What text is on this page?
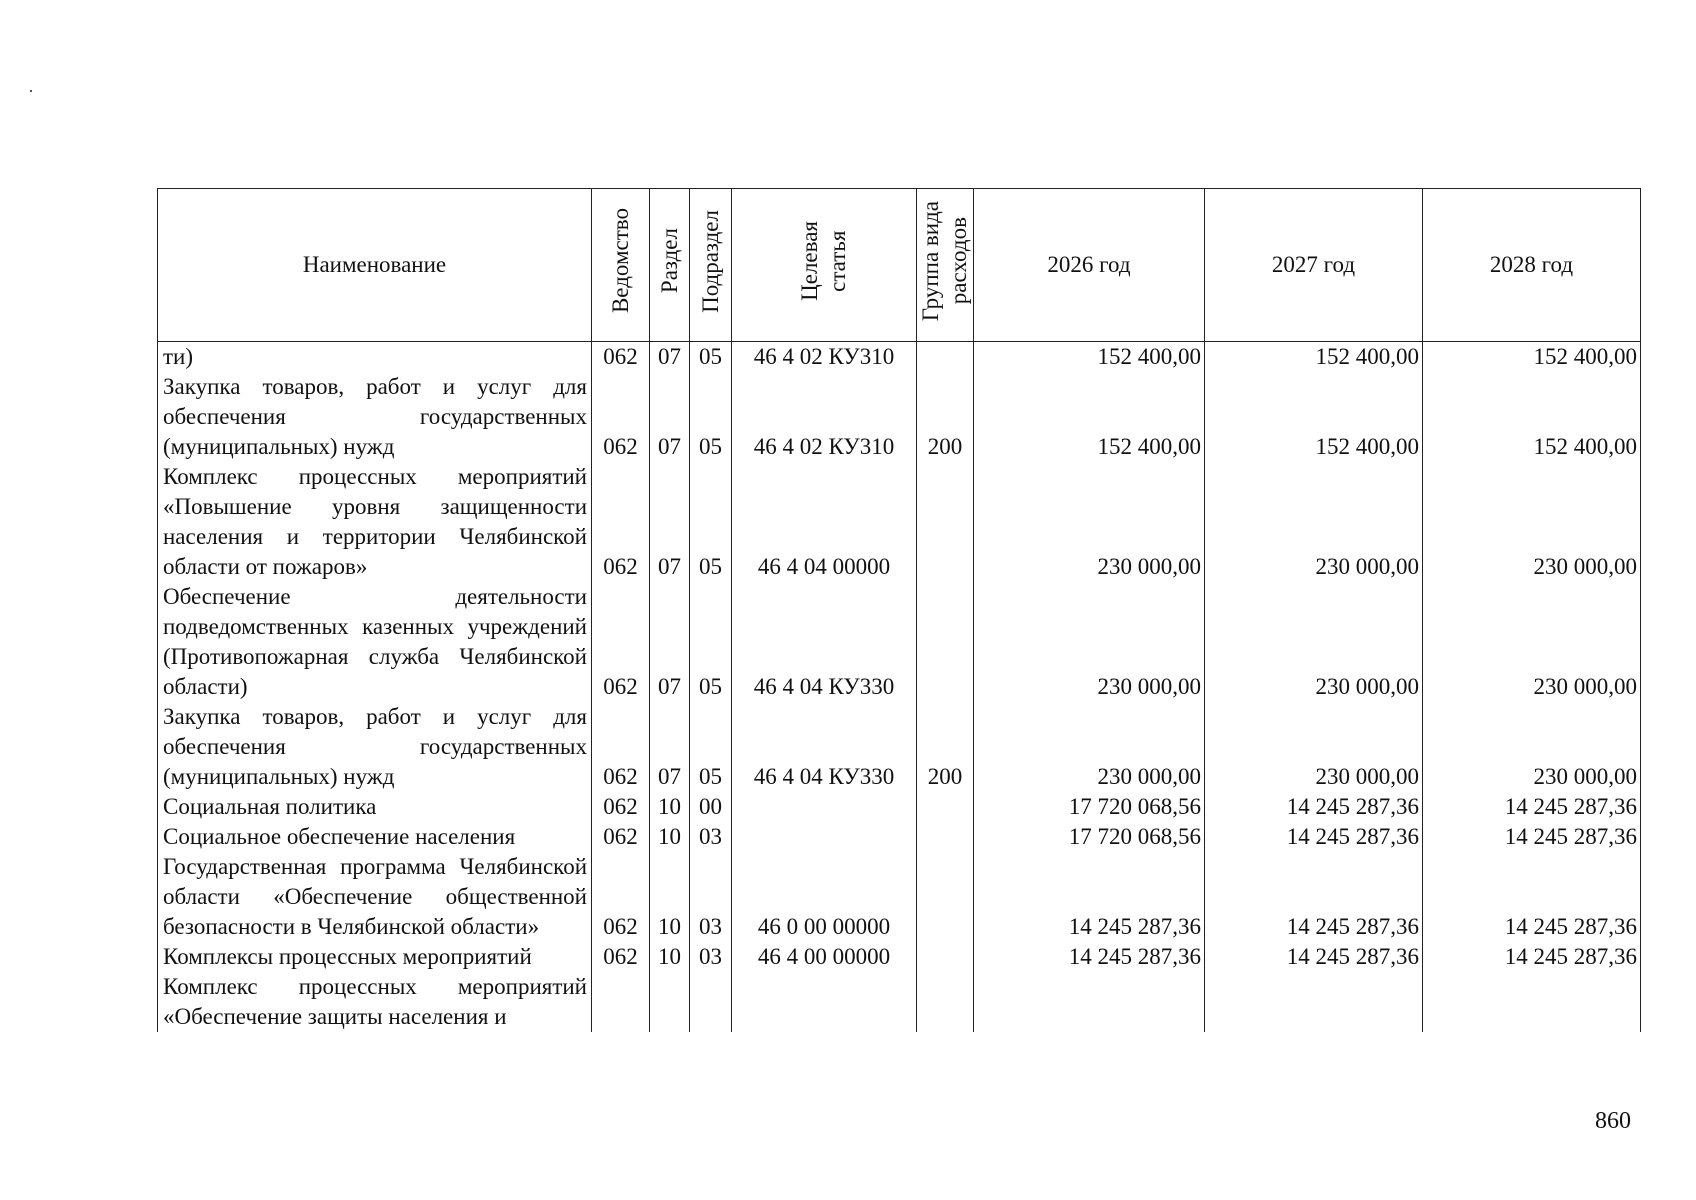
Наименование	Ведомство	Раздел	Подраздел	Целевая статья	Группа вида расходов	2026 год	2027 год	2028 год
ти)	062	07	05	46 4 02 КУ310		152 400,00	152 400,00	152 400,00
Закупка товаров, работ и услуг для обеспечения государственных (муниципальных) нужд	062	07	05	46 4 02 КУ310	200	152 400,00	152 400,00	152 400,00
Комплекс процессных мероприятий «Повышение уровня защищенности населения и территории Челябинской области от пожаров»	062	07	05	46 4 04 00000		230 000,00	230 000,00	230 000,00
Обеспечение деятельности подведомственных казенных учреждений (Противопожарная служба Челябинской области)	062	07	05	46 4 04 КУ330		230 000,00	230 000,00	230 000,00
Закупка товаров, работ и услуг для обеспечения государственных (муниципальных) нужд	062	07	05	46 4 04 КУ330	200	230 000,00	230 000,00	230 000,00
Социальная политика	062	10	00			17 720 068,56	14 245 287,36	14 245 287,36
Социальное обеспечение населения	062	10	03			17 720 068,56	14 245 287,36	14 245 287,36
Государственная программа Челябинской области «Обеспечение общественной безопасности в Челябинской области»	062	10	03	46 0 00 00000		14 245 287,36	14 245 287,36	14 245 287,36
Комплексы процессных мероприятий	062	10	03	46 4 00 00000		14 245 287,36	14 245 287,36	14 245 287,36
Комплекс процессных мероприятий «Обеспечение защиты населения и								
860
